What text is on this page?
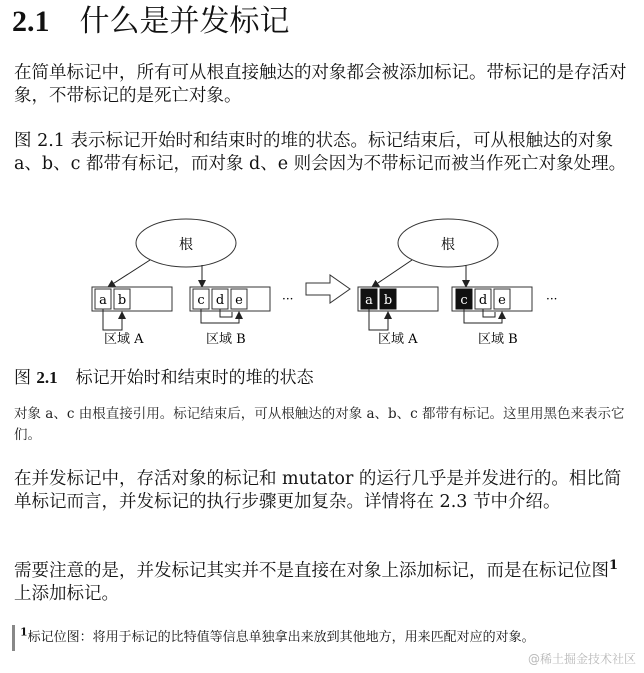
2.1 什么是并发标记

在简单标记中，所有可从根直接触达的对象都会被添加标记。带标记的是存活对象，不带标记的是死亡对象。

图 2.1 表示标记开始时和结束时的堆的状态。标记结束后，可从根触达的对象 a、b、c 都带有标记，而对象 d、e 则会因为不带标记而被当作死亡对象处理。

根
a b	c d e	···
区域 A	区域 B
根
a b	c d e	···
区域 A	区域 B

图 2.1 标记开始时和结束时的堆的状态

对象 a、c 由根直接引用。标记结束后，可从根触达的对象 a、b、c 都带有标记。这里用黑色来表示它们。

在并发标记中，存活对象的标记和 mutator 的运行几乎是并发进行的。相比简单标记而言，并发标记的执行步骤更加复杂。详情将在 2.3 节中介绍。

需要注意的是，并发标记其实并不是直接在对象上添加标记，而是在标记位图$^1$上添加标记。

$^1$标记位图：将用于标记的比特值等信息单独拿出来放到其他地方，用来匹配对应的对象。

@稀土掘金技术社区
